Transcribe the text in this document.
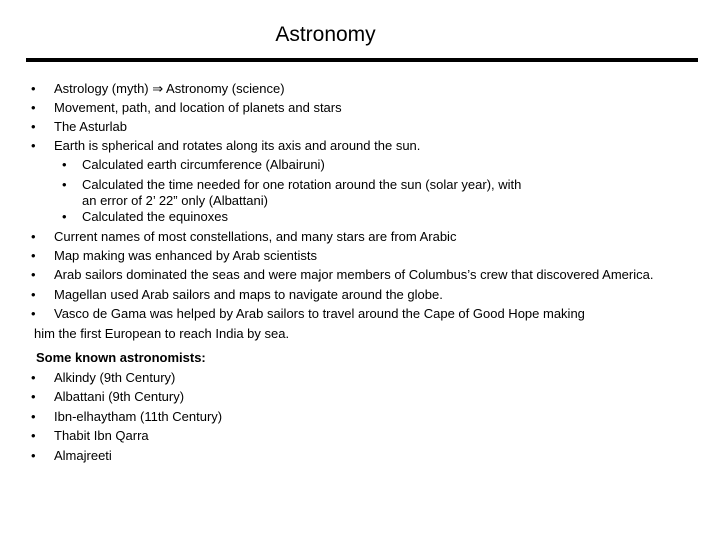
Astronomy
• Astrology (myth) ⇒ Astronomy (science)
• Movement, path, and location of planets and stars
• The Asturlab
• Earth is spherical and rotates along its axis and around the sun.
• Calculated earth circumference (Albairuni)
• Calculated the time needed for one rotation around the sun (solar year), with
an error of 2’ 22” only (Albattani)
• Calculated the equinoxes
• Current names of most constellations, and many stars are from Arabic
• Map making was enhanced by Arab scientists
• Arab sailors dominated the seas and were major members of Columbus’s crew that discovered America.
• Magellan used Arab sailors and maps to navigate around the globe.
• Vasco de Gama was helped by Arab sailors to travel around the Cape of Good Hope making
him the first European to reach India by sea.
Some known astronomists:
• Alkindy (9th Century)
• Albattani (9th Century)
• Ibn-elhaytham (11th Century)
• Thabit Ibn Qarra
• Almajreeti
